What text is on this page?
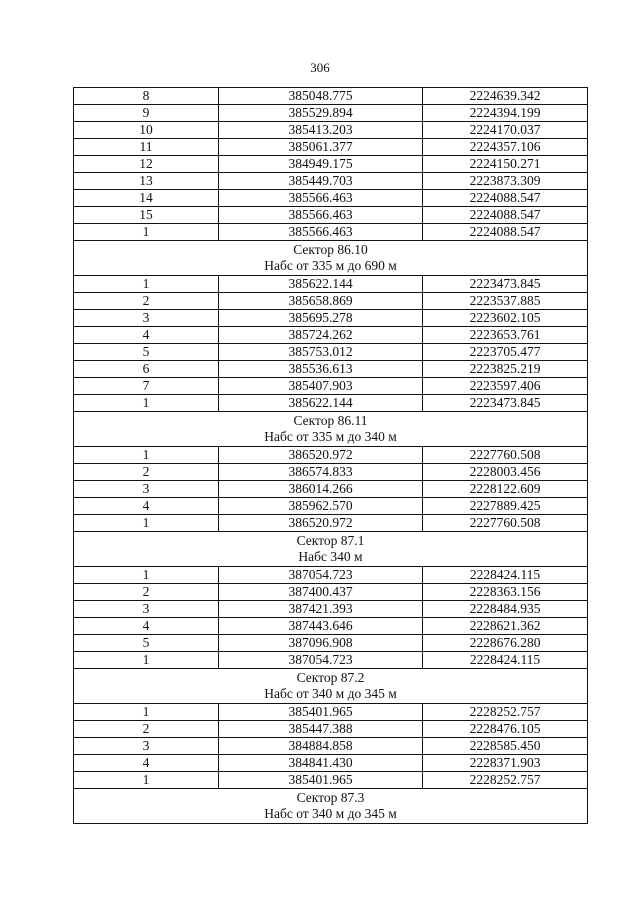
306
8	385048.775	2224639.342
9	385529.894	2224394.199
10	385413.203	2224170.037
11	385061.377	2224357.106
12	384949.175	2224150.271
13	385449.703	2223873.309
14	385566.463	2224088.547
15	385566.463	2224088.547
1	385566.463	2224088.547

Сектор 86.10
Набс от 335 м до 690 м		

1	385622.144	2223473.845
2	385658.869	2223537.885
3	385695.278	2223602.105
4	385724.262	2223653.761
5	385753.012	2223705.477
6	385536.613	2223825.219
7	385407.903	2223597.406
1	385622.144	2223473.845

Сектор 86.11
Набс от 335 м до 340 м		

1	386520.972	2227760.508
2	386574.833	2228003.456
3	386014.266	2228122.609
4	385962.570	2227889.425
1	386520.972	2227760.508

Сектор 87.1
Набс 340 м		

1	387054.723	2228424.115
2	387400.437	2228363.156
3	387421.393	2228484.935
4	387443.646	2228621.362
5	387096.908	2228676.280
1	387054.723	2228424.115

Сектор 87.2
Набс от 340 м до 345 м		

1	385401.965	2228252.757
2	385447.388	2228476.105
3	384884.858	2228585.450
4	384841.430	2228371.903
1	385401.965	2228252.757

Сектор 87.3
Набс от 340 м до 345 м		
